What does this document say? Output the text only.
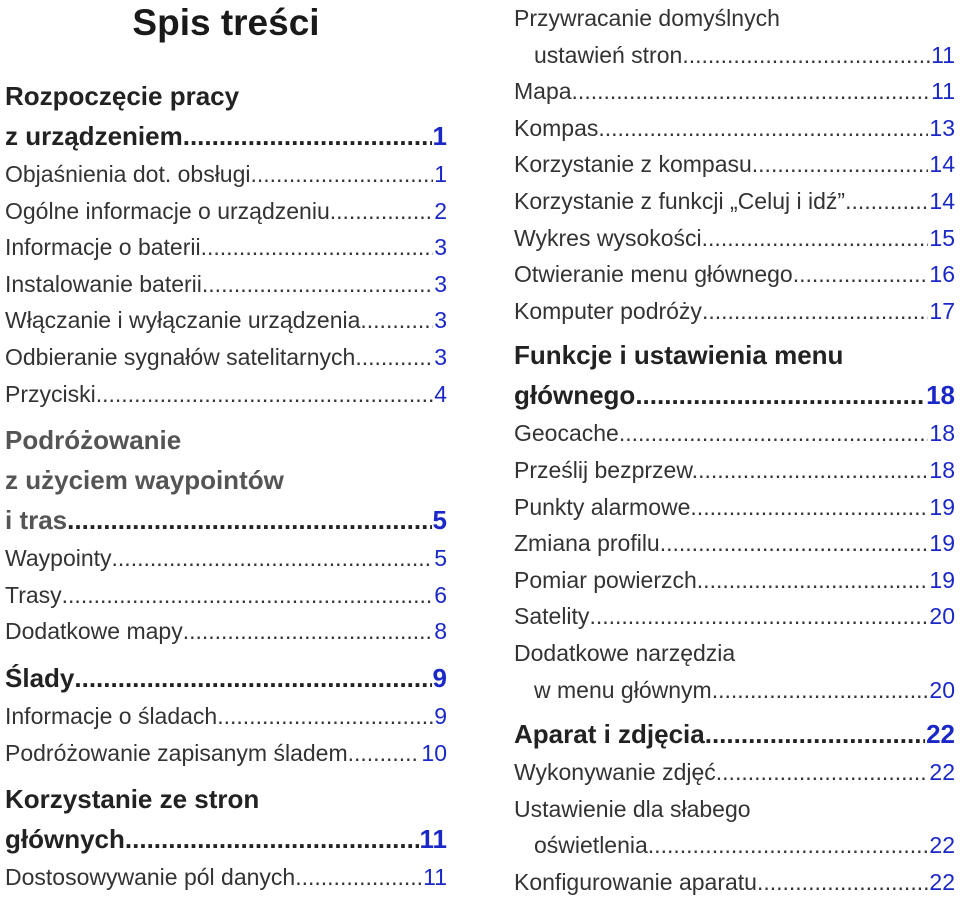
Spis treści
Rozpoczęcie pracy
z urządzeniem .....	1
Objaśnienia dot. obsługi .....	1
Ogólne informacje o urządzeniu .....	2
Informacje o baterii .....	3
Instalowanie baterii .....	3
Włączanie i wyłączanie urządzenia .....	3
Odbieranie sygnałów satelitarnych .....	3
Przyciski .....	4
Podróżowanie
z użyciem waypointów
i tras .....	5
Waypointy .....	5
Trasy .....	6
Dodatkowe mapy .....	8
Ślady .....	9
Informacje o śladach .....	9
Podróżowanie zapisanym śladem .....	10
Korzystanie ze stron
głównych .....	11
Dostosowywanie pól danych .....	11
Przywracanie domyślnych
ustawień stron .....	11
Mapa .....	11
Kompas .....	13
Korzystanie z kompasu .....	14
Korzystanie z funkcji „Celuj i idź” .....	14
Wykres wysokości .....	15
Otwieranie menu głównego .....	16
Komputer podróży .....	17
Funkcje i ustawienia menu
głównego .....	18
Geocache .....	18
Prześlij bezprzew. .....	18
Punkty alarmowe .....	19
Zmiana profilu .....	19
Pomiar powierzch .....	19
Satelity .....	20
Dodatkowe narzędzia
w menu głównym .....	20
Aparat i zdjęcia .....	22
Wykonywanie zdjęć .....	22
Ustawienie dla słabego
oświetlenia .....	22
Konfigurowanie aparatu .....	22
